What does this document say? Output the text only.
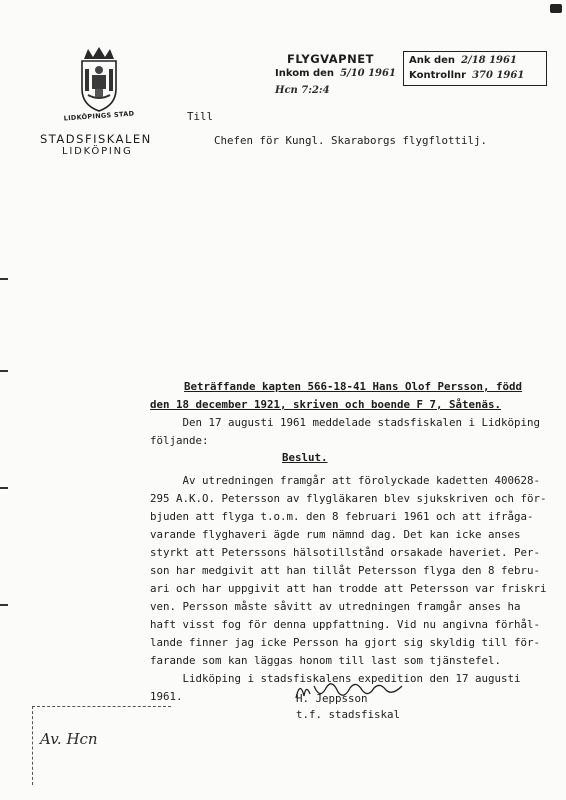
LIDKÖPINGS STAD
STADSFISKALEN
LIDKÖPING
FLYGVAPNET
Inkom den 5/10 1961
Hcn 7:2:4
Ank den 2/18 1961
Kontrollnr 370 1961
Till
Chefen för Kungl. Skaraborgs flygflottilj.
Beträffande kapten 566-18-41 Hans Olof Persson, född
den 18 december 1921, skriven och boende F 7, Såtenäs.
Den 17 augusti 1961 meddelade stadsfiskalen i Lidköping
följande:
Beslut.
Av utredningen framgår att förolyckade kadetten 400628-
295 A.K.O. Petersson av flygläkaren blev sjukskriven och för-
bjuden att flyga t.o.m. den 8 februari 1961 och att ifråga-
varande flyghaveri ägde rum nämnd dag. Det kan icke anses
styrkt att Peterssons hälsotillstånd orsakade haveriet. Per-
son har medgivit att han tillåt Petersson flyga den 8 febru-
ari och har uppgivit att han trodde att Petersson var friskri
ven. Persson måste såvitt av utredningen framgår anses ha
haft visst fog för denna uppfattning. Vid nu angivna förhål-
lande finner jag icke Persson ha gjort sig skyldig till för-
farande som kan läggas honom till last som tjänstefel.
Lidköping i stadsfiskalens expedition den 17 augusti
1961.	H. Jeppsson
t.f. stadsfiskal
Av. Hcn
